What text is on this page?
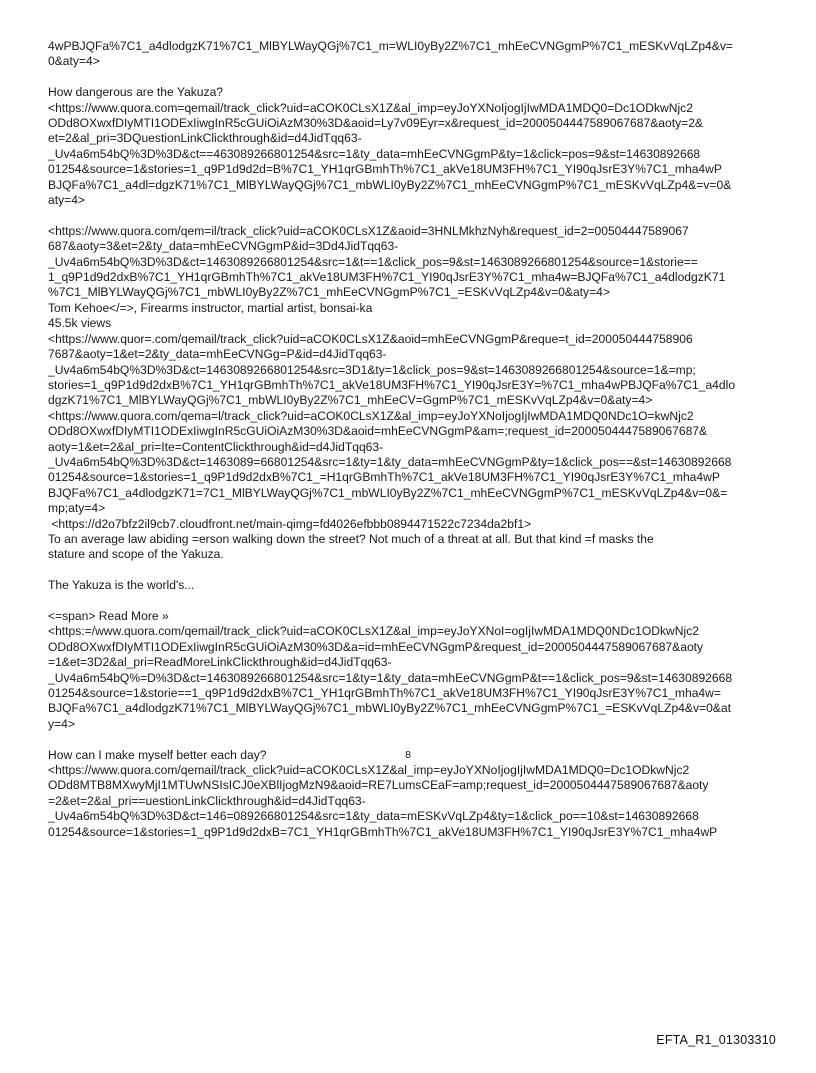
4wPBJQFa%7C1_a4dlodgzK71%7C1_MlBYLWayQGj%7C1_m=WLI0yBy2Z%7C1_mhEeCVNGgmP%7C1_mESKvVqLZp4&v=
0&aty=4>
How dangerous are the Yakuza?
<https://www.quora.com=qemail/track_click?uid=aCOK0CLsX1Z&al_imp=eyJoYXNoIjogIjIwMDA1MDQ0=Dc1ODkwNjc2
ODd8OXwxfDIyMTI1ODExIiwgInR5cGUiOiAzM30%3D&aoid=Ly7v09Eyr=x&request_id=2000504447589067687&aoty=2&
et=2&al_pri=3DQuestionLinkClickthrough&id=d4JidTqq63-
_Uv4a6m54bQ%3D%3D&ct==463089266801254&src=1&ty_data=mhEeCVNGgmP&ty=1&click=pos=9&st=14630892668
01254&source=1&stories=1_q9P1d9d2d=B%7C1_YH1qrGBmhTh%7C1_akVe18UM3FH%7C1_YI90qJsrE3Y%7C1_mha4wP
BJQFa%7C1_a4dl=dgzK71%7C1_MlBYLWayQGj%7C1_mbWLI0yBy2Z%7C1_mhEeCVNGgmP%7C1_mESKvVqLZp4&=v=0&
aty=4>
<https://www.quora.com/qem=il/track_click?uid=aCOK0CLsX1Z&aoid=3HNLMkhzNyh&request_id=2=00504447589067
687&aoty=3&et=2&ty_data=mhEeCVNGgmP&id=3Dd4JidTqq63-
_Uv4a6m54bQ%3D%3D&ct=1463089266801254&src=1&t==1&click_pos=9&st=1463089266801254&source=1&storie==
1_q9P1d9d2dxB%7C1_YH1qrGBmhTh%7C1_akVe18UM3FH%7C1_YI90qJsrE3Y%7C1_mha4w=BJQFa%7C1_a4dlodgzK71
%7C1_MlBYLWayQGj%7C1_mbWLI0yBy2Z%7C1_mhEeCVNGgmP%7C1_=ESKvVqLZp4&v=0&aty=4>
Tom Kehoe</=>, Firearms instructor, martial artist, bonsai-ka
45.5k views
<https://www.quor=.com/qemail/track_click?uid=aCOK0CLsX1Z&aoid=mhEeCVNGgmP&reque=t_id=200050444758906
7687&aoty=1&et=2&ty_data=mhEeCVNGg=P&id=d4JidTqq63-
_Uv4a6m54bQ%3D%3D&ct=1463089266801254&src=3D1&ty=1&click_pos=9&st=1463089266801254&source=1&=mp;
stories=1_q9P1d9d2dxB%7C1_YH1qrGBmhTh%7C1_akVe18UM3FH%7C1_YI90qJsrE3Y=%7C1_mha4wPBJQFa%7C1_a4dlo
dgzK71%7C1_MlBYLWayQGj%7C1_mbWLI0yBy2Z%7C1_mhEeCV=GgmP%7C1_mESKvVqLZp4&v=0&aty=4>
<https://www.quora.com/qema=l/track_click?uid=aCOK0CLsX1Z&al_imp=eyJoYXNoIjogIjIwMDA1MDQ0NDc1O=kwNjc2
ODd8OXwxfDIyMTI1ODExIiwgInR5cGUiOiAzM30%3D&aoid=mhEeCVNGgmP&am=;request_id=2000504447589067687&
aoty=1&et=2&al_pri=Ite=ContentClickthrough&id=d4JidTqq63-
_Uv4a6m54bQ%3D%3D&ct=1463089=66801254&src=1&ty=1&ty_data=mhEeCVNGgmP&ty=1&click_pos==&st=14630892668
01254&source=1&stories=1_q9P1d9d2dxB%7C1_=H1qrGBmhTh%7C1_akVe18UM3FH%7C1_YI90qJsrE3Y%7C1_mha4wP
BJQFa%7C1_a4dlodgzK71=7C1_MlBYLWayQGj%7C1_mbWLI0yBy2Z%7C1_mhEeCVNGgmP%7C1_mESKvVqLZp4&v=0&=
mp;aty=4>
<https://d2o7bfz2il9cb7.cloudfront.net/main-qimg=fd4026efbbb0894471522c7234da2bf1>
To an average law abiding =erson walking down the street? Not much of a threat at all. But that kind =f masks the
stature and scope of the Yakuza.
The Yakuza is the world's...
<=span> Read More »
<https:=/www.quora.com/qemail/track_click?uid=aCOK0CLsX1Z&al_imp=eyJoYXNoI=ogIjIwMDA1MDQ0NDc1ODkwNjc2
ODd8OXwxfDIyMTI1ODExIiwgInR5cGUiOiAzM30%3D&a=id=mhEeCVNGgmP&request_id=2000504447589067687&aoty
=1&et=3D2&al_pri=ReadMoreLinkClickthrough&id=d4JidTqq63-
_Uv4a6m54bQ%=D%3D&ct=1463089266801254&src=1&ty=1&ty_data=mhEeCVNGgmP&t==1&click_pos=9&st=14630892668
01254&source=1&storie==1_q9P1d9d2dxB%7C1_YH1qrGBmhTh%7C1_akVe18UM3FH%7C1_YI90qJsrE3Y%7C1_mha4w=
BJQFa%7C1_a4dlodgzK71%7C1_MlBYLWayQGj%7C1_mbWLI0yBy2Z%7C1_mhEeCVNGgmP%7C1_=ESKvVqLZp4&v=0&at
y=4>
How can I make myself better each day?
<https://www.quora.com/qemail/track_click?uid=aCOK0CLsX1Z&al_imp=eyJoYXNoIjogIjIwMDA1MDQ0=Dc1ODkwNjc2
ODd8MTB8MXwyMjI1MTUwNSIsICJ0eXBlIjogMzN9&aoid=RE7LumsCEaF=amp;request_id=2000504447589067687&aoty
=2&et=2&al_pri==uestionLinkClickthrough&id=d4JidTqq63-
_Uv4a6m54bQ%3D%3D&ct=146=089266801254&src=1&ty_data=mESKvVqLZp4&ty=1&click_po==10&st=14630892668
01254&source=1&stories=1_q9P1d9d2dxB=7C1_YH1qrGBmhTh%7C1_akVe18UM3FH%7C1_YI90qJsrE3Y%7C1_mha4wP
8
EFTA_R1_01303310
